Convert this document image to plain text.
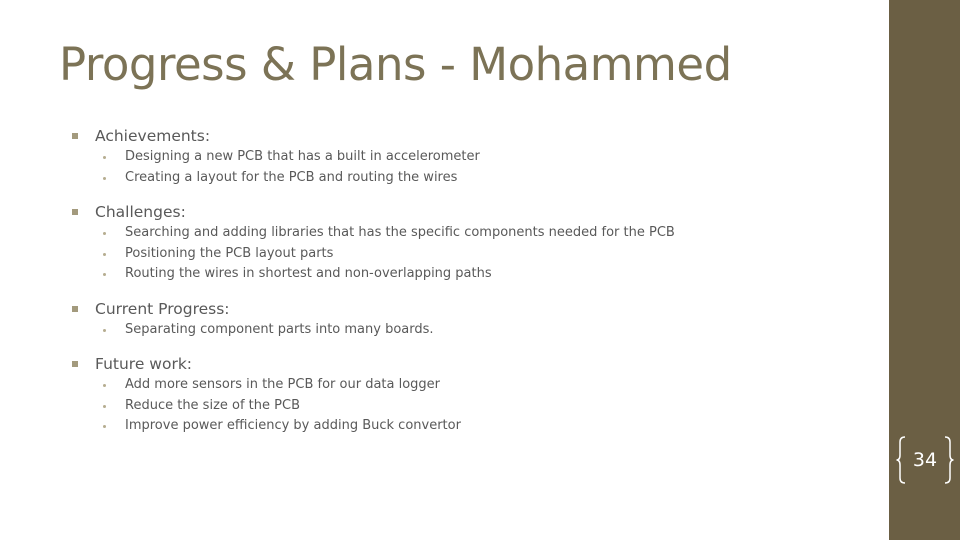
Progress & Plans - Mohammed
Achievements:
Designing a new PCB that has a built in accelerometer
Creating a layout for the PCB and routing the wires
Challenges:
Searching and adding libraries that has the specific components needed for the PCB
Positioning the PCB layout parts
Routing the wires in shortest and non-overlapping paths
Current Progress:
Separating component parts into many boards.
Future work:
Add more sensors in the PCB for our data logger
Reduce the size of the PCB
Improve power efficiency by adding Buck convertor
34
